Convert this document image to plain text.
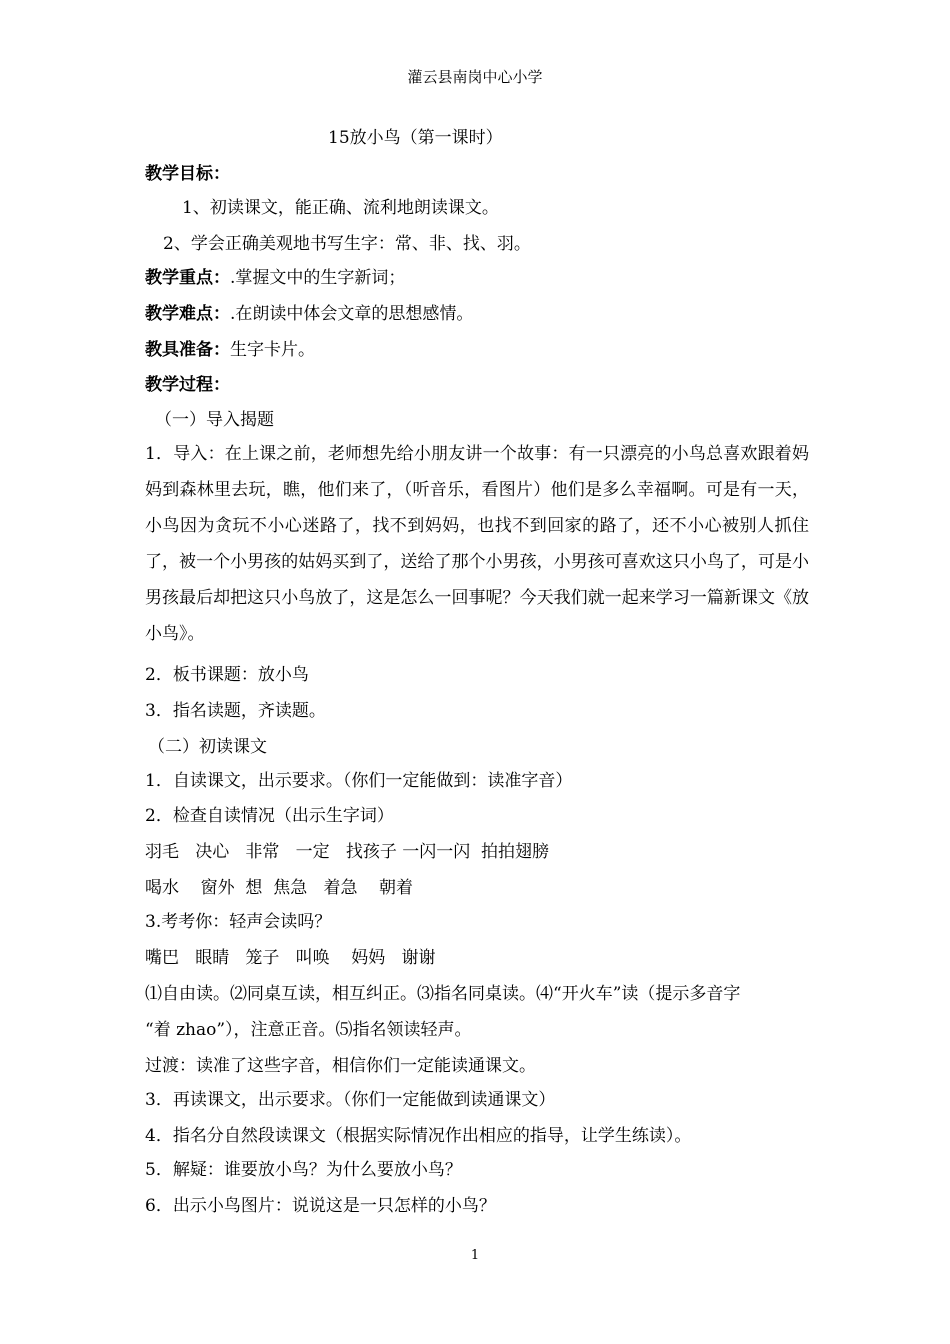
灌云县南岗中心小学
15放小鸟（第一课时）
教学目标：
1、初读课文，能正确、流利地朗读课文。
2、学会正确美观地书写生字：常、非、找、羽。
教学重点：.掌握文中的生字新词；
教学难点：.在朗读中体会文章的思想感情。
教具准备：生字卡片。
教学过程：
（一）导入揭题
1．导入：在上课之前，老师想先给小朋友讲一个故事：有一只漂亮的小鸟总喜欢跟着妈妈到森林里去玩，瞧，他们来了，（听音乐，看图片）他们是多么幸福啊。可是有一天，小鸟因为贪玩不小心迷路了，找不到妈妈，也找不到回家的路了，还不小心被别人抓住了，被一个小男孩的姑妈买到了，送给了那个小男孩，小男孩可喜欢这只小鸟了，可是小男孩最后却把这只小鸟放了，这是怎么一回事呢？今天我们就一起来学习一篇新课文《放小鸟》。
2．板书课题：放小鸟
3．指名读题，齐读题。
（二）初读课文
1．自读课文，出示要求。（你们一定能做到：读准字音）
2．检查自读情况（出示生字词）
羽毛   决心   非常   一定   找孩子 一闪一闪  拍拍翅膀
喝水    窗外  想  焦急   着急    朝着
3.考考你：轻声会读吗？
嘴巴   眼睛   笼子   叫唤    妈妈   谢谢
⑴自由读。⑵同桌互读，相互纠正。⑶指名同桌读。⑷“开火车”读（提示多音字
“着 zhao”），注意正音。⑸指名领读轻声。
过渡：读准了这些字音，相信你们一定能读通课文。
3．再读课文，出示要求。（你们一定能做到读通课文）
4．指名分自然段读课文（根据实际情况作出相应的指导，让学生练读）。
5．解疑：谁要放小鸟？为什么要放小鸟？
6．出示小鸟图片：说说这是一只怎样的小鸟？
1
